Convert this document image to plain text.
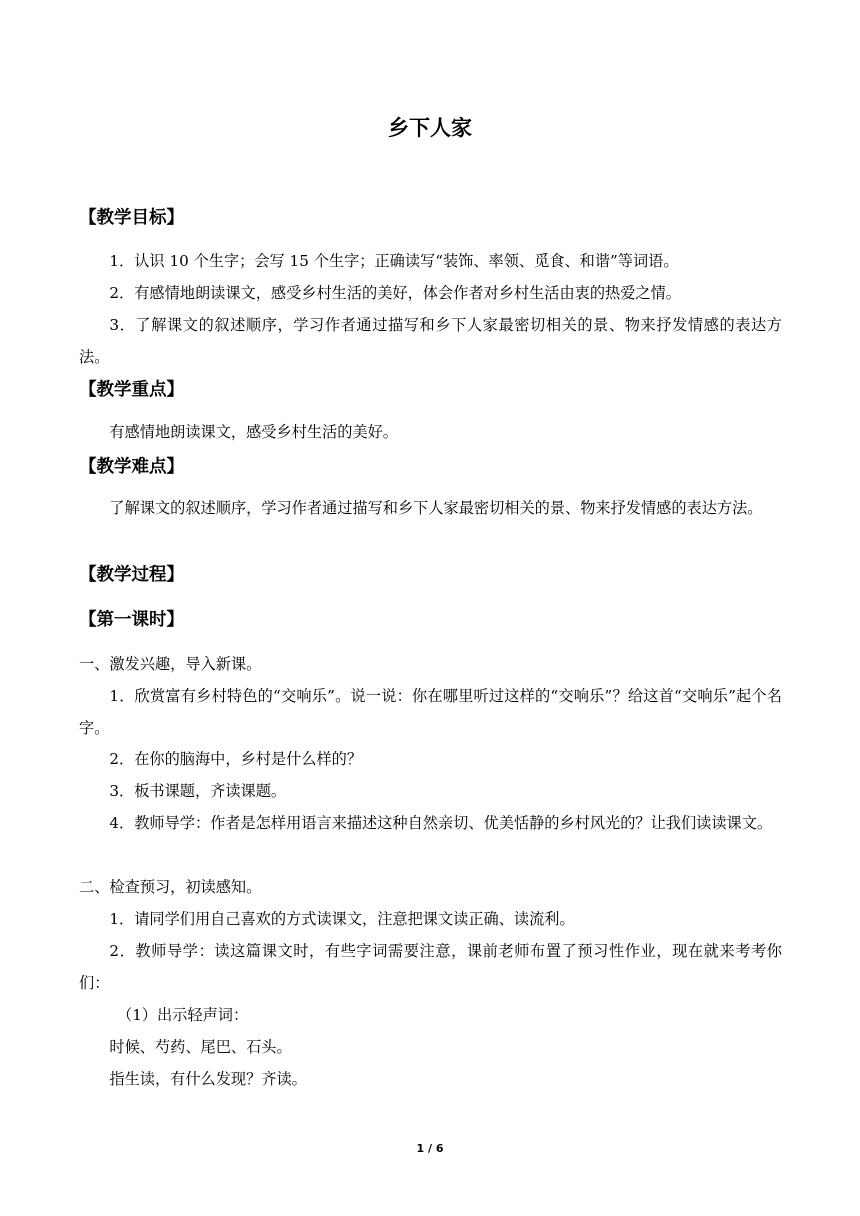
乡下人家
【教学目标】
1．认识 10 个生字；会写 15 个生字；正确读写“装饰、率领、觅食、和谐”等词语。
2．有感情地朗读课文，感受乡村生活的美好，体会作者对乡村生活由衷的热爱之情。
3．了解课文的叙述顺序，学习作者通过描写和乡下人家最密切相关的景、物来抒发情感的表达方法。
【教学重点】
有感情地朗读课文，感受乡村生活的美好。
【教学难点】
了解课文的叙述顺序，学习作者通过描写和乡下人家最密切相关的景、物来抒发情感的表达方法。
【教学过程】
【第一课时】
一、激发兴趣，导入新课。
1．欣赏富有乡村特色的“交响乐”。说一说：你在哪里听过这样的“交响乐”？给这首“交响乐”起个名字。
2．在你的脑海中，乡村是什么样的？
3．板书课题，齐读课题。
4．教师导学：作者是怎样用语言来描述这种自然亲切、优美恬静的乡村风光的？让我们读读课文。
二、检查预习，初读感知。
1．请同学们用自己喜欢的方式读课文，注意把课文读正确、读流利。
2．教师导学：读这篇课文时，有些字词需要注意，课前老师布置了预习性作业，现在就来考考你们：
（1）出示轻声词：
时候、芍药、尾巴、石头。
指生读，有什么发现？齐读。
1 / 6
